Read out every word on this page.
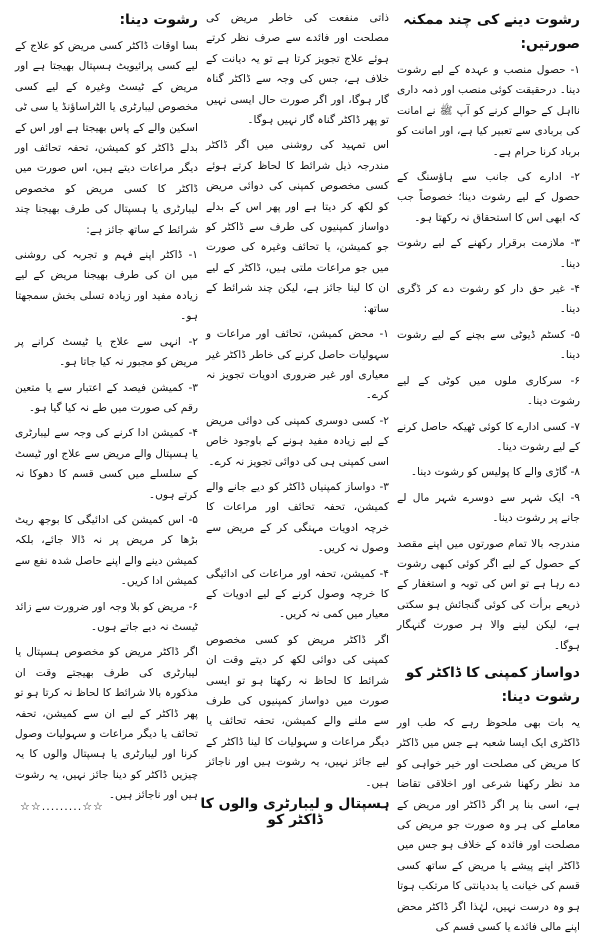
رشوت دینے کی چند ممکنہ صورتیں:

۱- حصول منصب و عہدہ کے لیے رشوت دینا۔ درحقیقت کوئی منصب اور ذمہ داری نااہل کے حوالے کرنے کو آپ ﷺ نے امانت کی بربادی سے تعبیر کیا ہے، اور امانت کو برباد کرنا حرام ہے۔

۲- ادارے کی جانب سے ہاؤسنگ کے حصول کے لیے رشوت دینا؛ خصوصاً جب کہ ابھی اس کا استحقاق نہ رکھتا ہو۔

۳- ملازمت برقرار رکھنے کے لیے رشوت دینا۔

۴- غیر حق دار کو رشوت دے کر ڈگری دینا۔

۵- کسٹم ڈیوٹی سے بچنے کے لیے رشوت دینا۔

۶- سرکاری ملوں میں کوٹی کے لیے رشوت دینا۔

۷- کسی ادارے کا کوئی ٹھیکہ حاصل کرنے کے لیے رشوت دینا۔

۸- گاڑی والے کا پولیس کو رشوت دینا۔

۹- ایک شہر سے دوسرے شہر مال لے جانے پر رشوت دینا۔

مندرجہ بالا تمام صورتوں میں اپنے مقصد کے حصول کے لیے اگر کوئی کبھی رشوت دے رہا ہے تو اس کی توبہ و استغفار کے ذریعے برأت کی کوئی گنجائش ہو سکتی ہے، لیکن لینے والا ہر صورت گنہگار ہوگا۔

دواساز کمپنی کا ڈاکٹر کو رشوت دینا:

یہ بات بھی ملحوظ رہے کہ طب اور ڈاکٹری ایک ایسا شعبہ ہے جس میں ڈاکٹر کا مریض کی مصلحت اور خیر خواہی کو مد نظر رکھنا شرعی اور اخلاقی تقاضا ہے، اسی بنا پر اگر ڈاکٹر اور مریض کے معاملے کی ہر وہ صورت جو مریض کی مصلحت اور فائدہ کے خلاف ہو جس میں ڈاکٹر اپنے پیشے یا مریض کے ساتھ کسی قسم کی خیانت یا بددیانتی کا مرتکب ہوتا ہو وہ درست نہیں، لہٰذا اگر ڈاکٹر محض اپنے مالی فائدے یا کسی قسم کی

ذاتی منفعت کی خاطر مریض کی مصلحت اور فائدے سے صرف نظر کرتے ہوئے علاج تجویز کرتا ہے تو یہ دیانت کے خلاف ہے، جس کی وجہ سے ڈاکٹر گناہ گار ہوگا، اور اگر صورت حال ایسی نہیں تو پھر ڈاکٹر گناہ گار نہیں ہوگا۔

اس تمہید کی روشنی میں اگر ڈاکٹر مندرجہ ذیل شرائط کا لحاظ کرتے ہوئے کسی مخصوص کمپنی کی دوائی مریض کو لکھ کر دیتا ہے اور پھر اس کے بدلے دواساز کمپنیوں کی طرف سے ڈاکٹر کو جو کمیشن، یا تحائف وغیرہ کی صورت میں جو مراعات ملتی ہیں، ڈاکٹر کے لیے ان کا لینا جائز ہے، لیکن چند شرائط کے ساتھ:

۱- محض کمیشن، تحائف اور مراعات و سہولیات حاصل کرنے کی خاطر ڈاکٹر غیر معیاری اور غیر ضروری ادویات تجویز نہ کرے۔

۲- کسی دوسری کمپنی کی دوائی مریض کے لیے زیادہ مفید ہونے کے باوجود خاص اسی کمپنی ہی کی دوائی تجویز نہ کرے۔

۳- دواساز کمپنیاں ڈاکٹر کو دیے جانے والے کمیشن، تحفہ تحائف اور مراعات کا خرچہ ادویات مہنگی کر کے مریض سے وصول نہ کریں۔

۴- کمیشن، تحفہ اور مراعات کی ادائیگی کا خرچہ وصول کرنے کے لیے ادویات کے معیار میں کمی نہ کریں۔

اگر ڈاکٹر مریض کو کسی مخصوص کمپنی کی دوائی لکھ کر دیتے وقت ان شرائط کا لحاظ نہ رکھتا ہو تو ایسی صورت میں دواساز کمپنیوں کی طرف سے ملنے والے کمیشن، تحفہ تحائف یا دیگر مراعات و سہولیات کا لینا ڈاکٹر کے لیے جائز نہیں، یہ رشوت ہیں اور ناجائز ہیں۔

رشوت دینا:

بسا اوقات ڈاکٹر کسی مریض کو علاج کے لیے کسی پرائیویٹ ہسپتال بھیجتا ہے اور مریض کے ٹیسٹ وغیرہ کے لیے کسی مخصوص لیبارٹری یا الٹراساؤنڈ یا سی ٹی اسکین والے کے پاس بھیجتا ہے اور اس کے بدلے ڈاکٹر کو کمیشن، تحفہ تحائف اور دیگر مراعات دیتے ہیں، اس صورت میں ڈاکٹر کا کسی مریض کو مخصوص لیبارٹری یا ہسپتال کی طرف بھیجنا چند شرائط کے ساتھ جائز ہے:

۱- ڈاکٹر اپنے فہم و تجربہ کی روشنی میں ان کی طرف بھیجنا مریض کے لیے زیادہ مفید اور زیادہ تسلی بخش سمجھتا ہو۔

۲- انہی سے علاج یا ٹیسٹ کرانے پر مریض کو مجبور نہ کیا جاتا ہو۔

۳- کمیشن فیصد کے اعتبار سے یا متعین رقم کی صورت میں طے نہ کیا گیا ہو۔

۴- کمیشن ادا کرنے کی وجہ سے لیبارٹری یا ہسپتال والے مریض سے علاج اور ٹیسٹ کے سلسلے میں کسی قسم کا دھوکا نہ کرتے ہوں۔

۵- اس کمیشن کی ادائیگی کا بوجھ ریٹ بڑھا کر مریض پر نہ ڈالا جائے، بلکہ کمیشن دینے والے اپنے حاصل شدہ نفع سے کمیشن ادا کریں۔

۶- مریض کو بلا وجہ اور ضرورت سے زائد ٹیسٹ نہ دیے جاتے ہوں۔

اگر ڈاکٹر مریض کو مخصوص ہسپتال یا لیبارٹری کی طرف بھیجتے وقت ان مذکورہ بالا شرائط کا لحاظ نہ کرتا ہو تو پھر ڈاکٹر کے لیے ان سے کمیشن، تحفہ تحائف یا دیگر مراعات و سہولیات وصول کرنا اور لیبارٹری یا ہسپتال والوں کا یہ چیزیں ڈاکٹر کو دینا جائز نہیں، یہ رشوت ہیں اور ناجائز ہیں۔

ہسپتال و لیبارٹری والوں کا ڈاکٹر کو
☆☆.........☆☆
